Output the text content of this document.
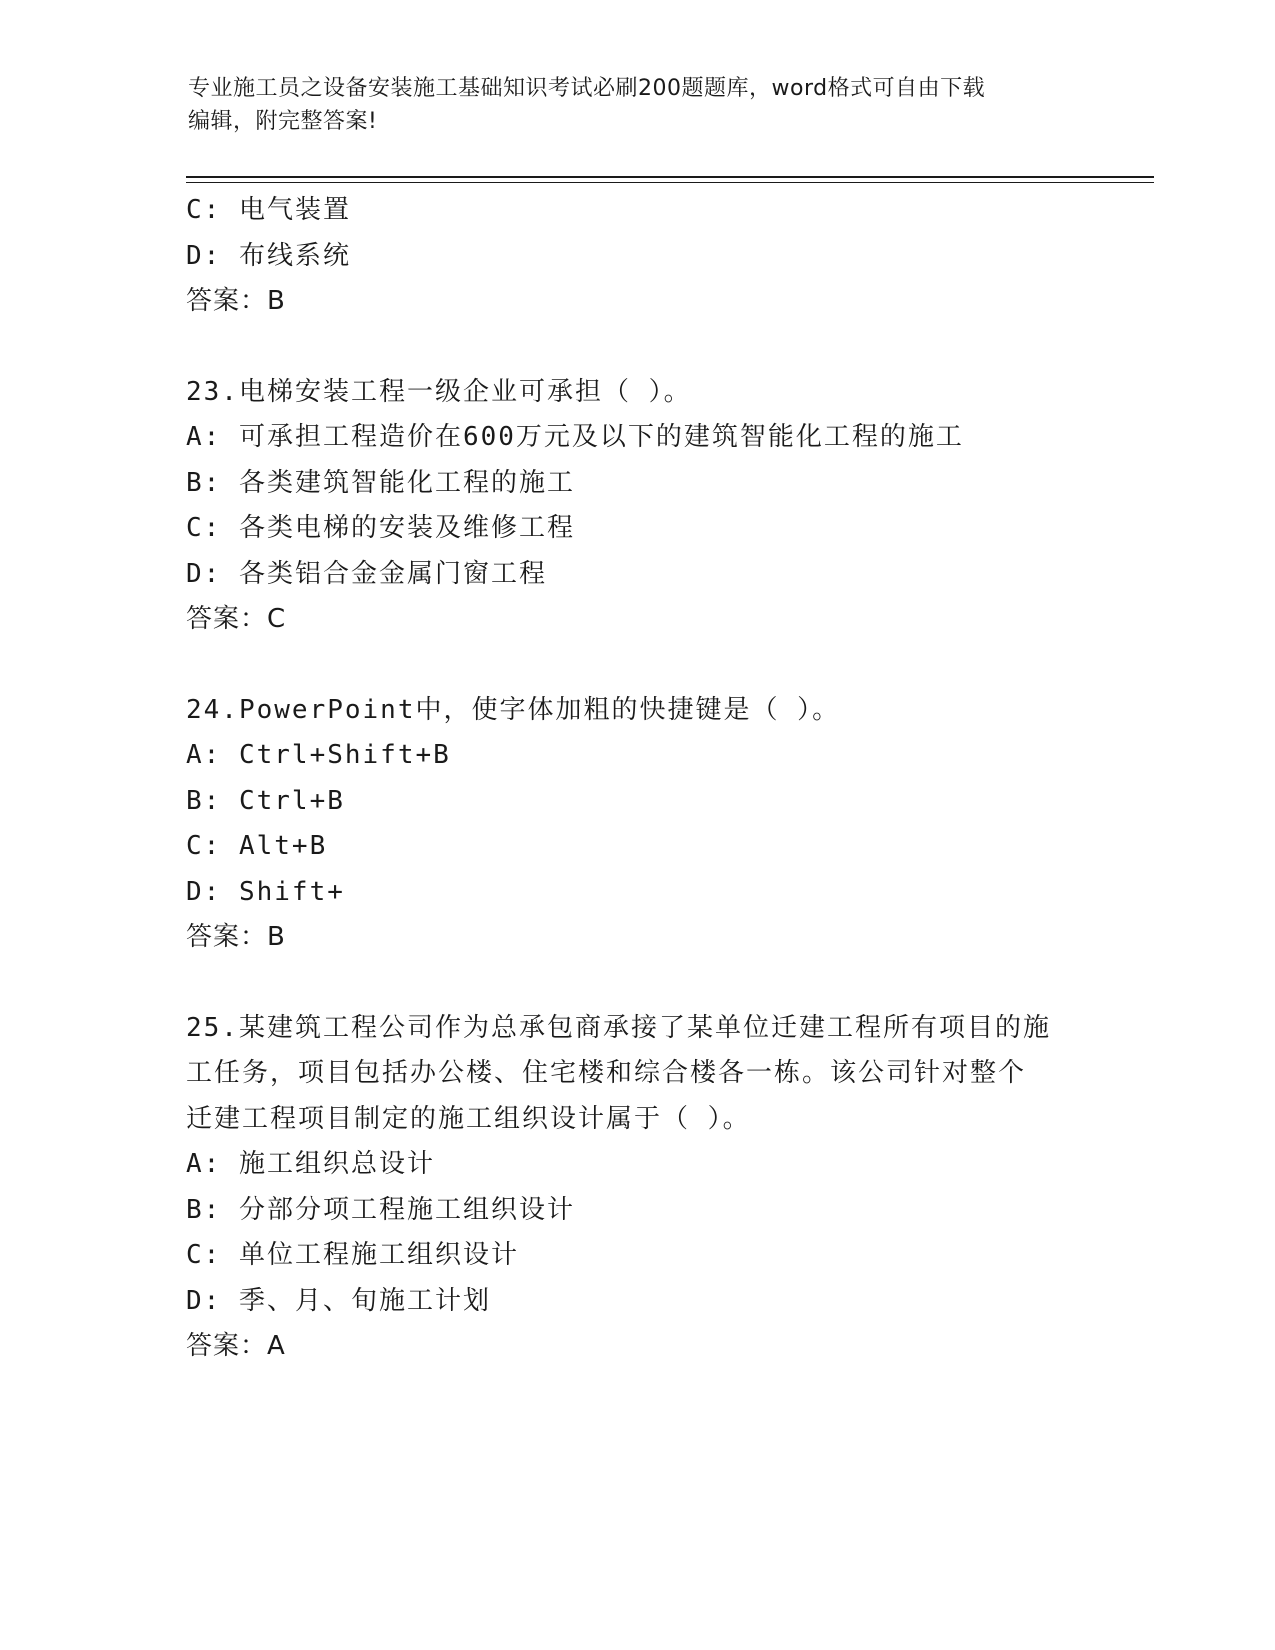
专业施工员之设备安装施工基础知识考试必刷200题题库，word格式可自由下载
编辑，附完整答案!
C: 电气装置
D: 布线系统
答案：B
23.电梯安装工程一级企业可承担（ ）。
A: 可承担工程造价在600万元及以下的建筑智能化工程的施工
B: 各类建筑智能化工程的施工
C: 各类电梯的安装及维修工程
D: 各类铝合金金属门窗工程
答案：C
24.PowerPoint中，使字体加粗的快捷键是（ ）。
A: Ctrl+Shift+B
B: Ctrl+B
C: Alt+B
D: Shift+
答案：B
25.某建筑工程公司作为总承包商承接了某单位迁建工程所有项目的施
工任务，项目包括办公楼、住宅楼和综合楼各一栋。该公司针对整个
迁建工程项目制定的施工组织设计属于（ ）。
A: 施工组织总设计
B: 分部分项工程施工组织设计
C: 单位工程施工组织设计
D: 季、月、旬施工计划
答案：A
